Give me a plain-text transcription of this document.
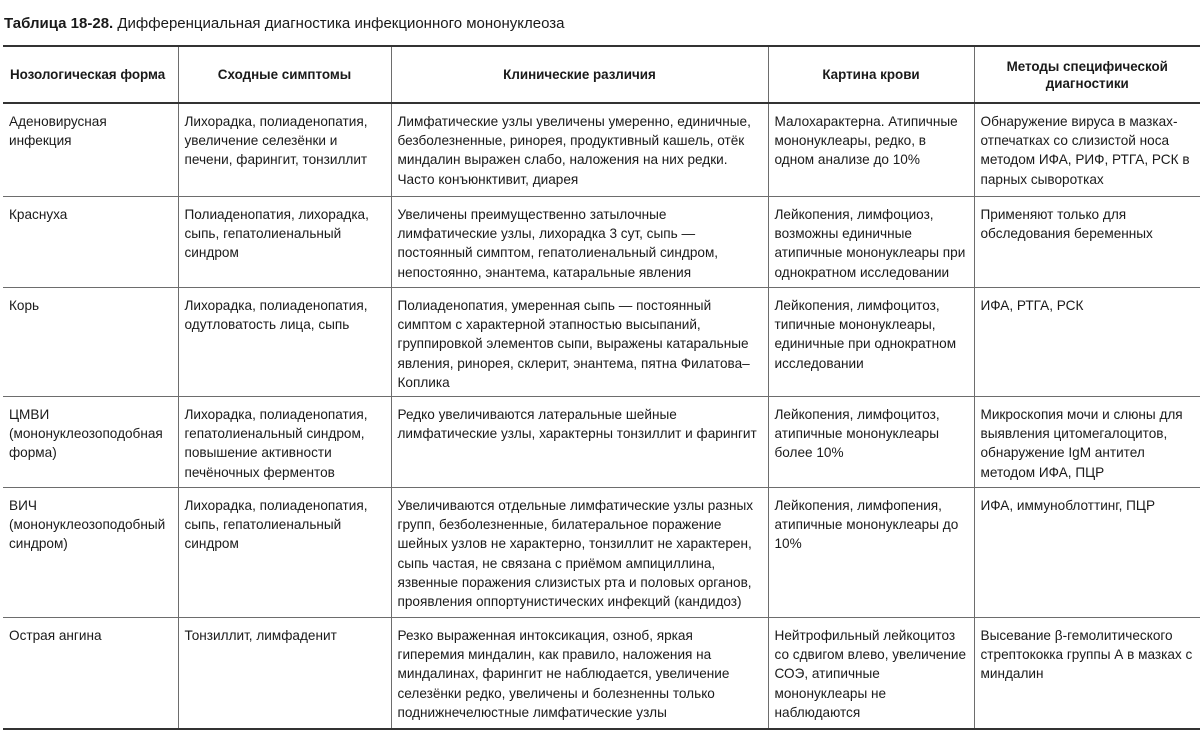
Таблица 18-28. Дифференциальная диагностика инфекционного мононуклеоза
Нозологическая форма	Сходные симптомы	Клинические различия	Картина крови	Методы специфической диагностики
Аденовирусная инфекция	Лихорадка, полиаденопатия, увеличение селезёнки и печени, фарингит, тонзиллит	Лимфатические узлы увеличены умеренно, единичные, безболезненные, ринорея, продуктивный кашель, отёк миндалин выражен слабо, наложения на них редки. Часто конъюнктивит, диарея	Малохарактерна. Атипичные мононуклеары, редко, в одном анализе до 10%	Обнаружение вируса в мазках-отпечатках со слизистой носа методом ИФА, РИФ, РТГА, РСК в парных сыворотках
Краснуха	Полиаденопатия, лихорадка, сыпь, гепатолиенальный синдром	Увеличены преимущественно затылочные лимфатические узлы, лихорадка 3 сут, сыпь — постоянный симптом, гепатолиенальный синдром, непостоянно, энантема, катаральные явления	Лейкопения, лимфоциоз, возможны единичные атипичные мононуклеары при однократном исследовании	Применяют только для обследования беременных
Корь	Лихорадка, полиаденопатия, одутловатость лица, сыпь	Полиаденопатия, умеренная сыпь — постоянный симптом с характерной этапностью высыпаний, группировкой элементов сыпи, выражены катаральные явления, ринорея, склерит, энантема, пятна Филатова–Коплика	Лейкопения, лимфоцитоз, типичные мононуклеары, единичные при однократном исследовании	ИФА, РТГА, РСК
ЦМВИ (мононуклеозоподобная форма)	Лихорадка, полиаденопатия, гепатолиенальный синдром, повышение активности печёночных ферментов	Редко увеличиваются латеральные шейные лимфатические узлы, характерны тонзиллит и фарингит	Лейкопения, лимфоцитоз, атипичные мононуклеары более 10%	Микроскопия мочи и слюны для выявления цитомегалоцитов, обнаружение IgM антител методом ИФА, ПЦР
ВИЧ (мононуклеозоподобный синдром)	Лихорадка, полиаденопатия, сыпь, гепатолиенальный синдром	Увеличиваются отдельные лимфатические узлы разных групп, безболезненные, билатеральное поражение шейных узлов не характерно, тонзиллит не характерен, сыпь частая, не связана с приёмом ампициллина, язвенные поражения слизистых рта и половых органов, проявления оппортунистических инфекций (кандидоз)	Лейкопения, лимфопения, атипичные мононуклеары до 10%	ИФА, иммуноблоттинг, ПЦР
Острая ангина	Тонзиллит, лимфаденит	Резко выраженная интоксикация, озноб, яркая гиперемия миндалин, как правило, наложения на миндалинах, фарингит не наблюдается, увеличение селезёнки редко, увеличены и болезненны только поднижнечелюстные лимфатические узлы	Нейтрофильный лейкоцитоз со сдвигом влево, увеличение СОЭ, атипичные мононуклеары не наблюдаются	Высевание β-гемолитического стрептококка группы А в мазках с миндалин
